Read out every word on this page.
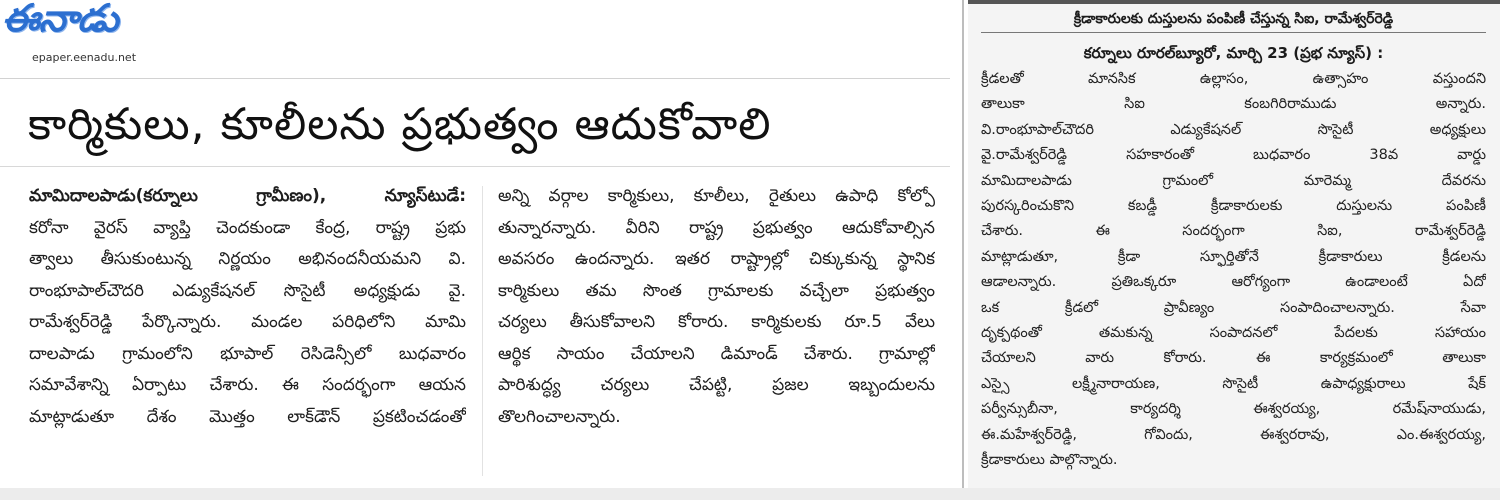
ఈనాడు
epaper.eenadu.net
కార్మికులు, కూలీలను ప్రభుత్వం ఆదుకోవాలి

మామిదాలపాడు(కర్నూలు గ్రామీణం), న్యూస్‌టుడే:

కరోనా వైరస్ వ్యాప్తి చెందకుండా కేంద్ర, రాష్ట్ర ప్రభు

త్వాలు తీసుకుంటున్న నిర్ణయం అభినందనీయమని వి.

రాంభూపాల్‌చౌదరి ఎడ్యుకేషనల్ సొసైటీ అధ్యక్షుడు వై.

రామేశ్వర్‌రెడ్డి పేర్కొన్నారు. మండల పరిధిలోని మామి

దాలపాడు గ్రామంలోని భూపాల్ రెసిడెన్సీలో బుధవారం

సమావేశాన్ని ఏర్పాటు చేశారు. ఈ సందర్భంగా ఆయన

మాట్లాడుతూ దేశం మొత్తం లాక్‌డౌన్ ప్రకటించడంతో

అన్ని వర్గాల కార్మికులు, కూలీలు, రైతులు ఉపాధి కోల్పో

తున్నారన్నారు. వీరిని రాష్ట్ర ప్రభుత్వం ఆదుకోవాల్సిన

అవసరం ఉందన్నారు. ఇతర రాష్ట్రాల్లో చిక్కుకున్న స్థానిక

కార్మికులు తమ సొంత గ్రామాలకు వచ్చేలా ప్రభుత్వం

చర్యలు తీసుకోవాలని కోరారు. కార్మికులకు రూ.5 వేలు

ఆర్థిక సాయం చేయాలని డిమాండ్ చేశారు. గ్రామాల్లో

పారిశుద్ధ్య చర్యలు చేపట్టి, ప్రజల ఇబ్బందులను

తొలగించాలన్నారు.

క్రీడాకారులకు దుస్తులను పంపిణీ చేస్తున్న సిఐ, రామేశ్వర్‌రెడ్డి
కర్నూలు రూరల్‌బ్యూరో, మార్చి 23 (ప్రభ న్యూస్) :

క్రీడలతో మానసిక ఉల్లాసం, ఉత్సాహం వస్తుందని

తాలుకా సిఐ కంబగిరిరాముడు అన్నారు.

వి.రాంభూపాల్‌చౌదరి ఎడ్యుకేషనల్ సొసైటీ అధ్యక్షులు

వై.రామేశ్వర్‌రెడ్డి సహకారంతో బుధవారం 38వ వార్డు

మామిదాలపాడు గ్రామంలో మారెమ్మ దేవరను

పురస్కరించుకొని కబడ్డీ క్రీడాకారులకు దుస్తులను పంపిణీ

చేశారు. ఈ సందర్భంగా సిఐ, రామేశ్వర్‌రెడ్డి

మాట్లాడుతూ, క్రీడా స్ఫూర్తితోనే క్రీడాకారులు క్రీడలను

ఆడాలన్నారు. ప్రతిఒక్కరూ ఆరోగ్యంగా ఉండాలంటే ఏదో

ఒక క్రీడలో ప్రావీణ్యం సంపాదించాలన్నారు. సేవా

దృక్పథంతో తమకున్న సంపాదనలో పేదలకు సహాయం

చేయాలని వారు కోరారు. ఈ కార్యక్రమంలో తాలుకా

ఎస్సై లక్ష్మీనారాయణ, సొసైటీ ఉపాధ్యక్షురాలు షేక్

పర్వీన్సుబీనా, కార్యదర్శి ఈశ్వరయ్య, రమేష్‌నాయుడు,

ఈ.మహేశ్వర్‌రెడ్డి, గోవిందు, ఈశ్వరరావు, ఎం.ఈశ్వరయ్య,

క్రీడాకారులు పాల్గొన్నారు.
